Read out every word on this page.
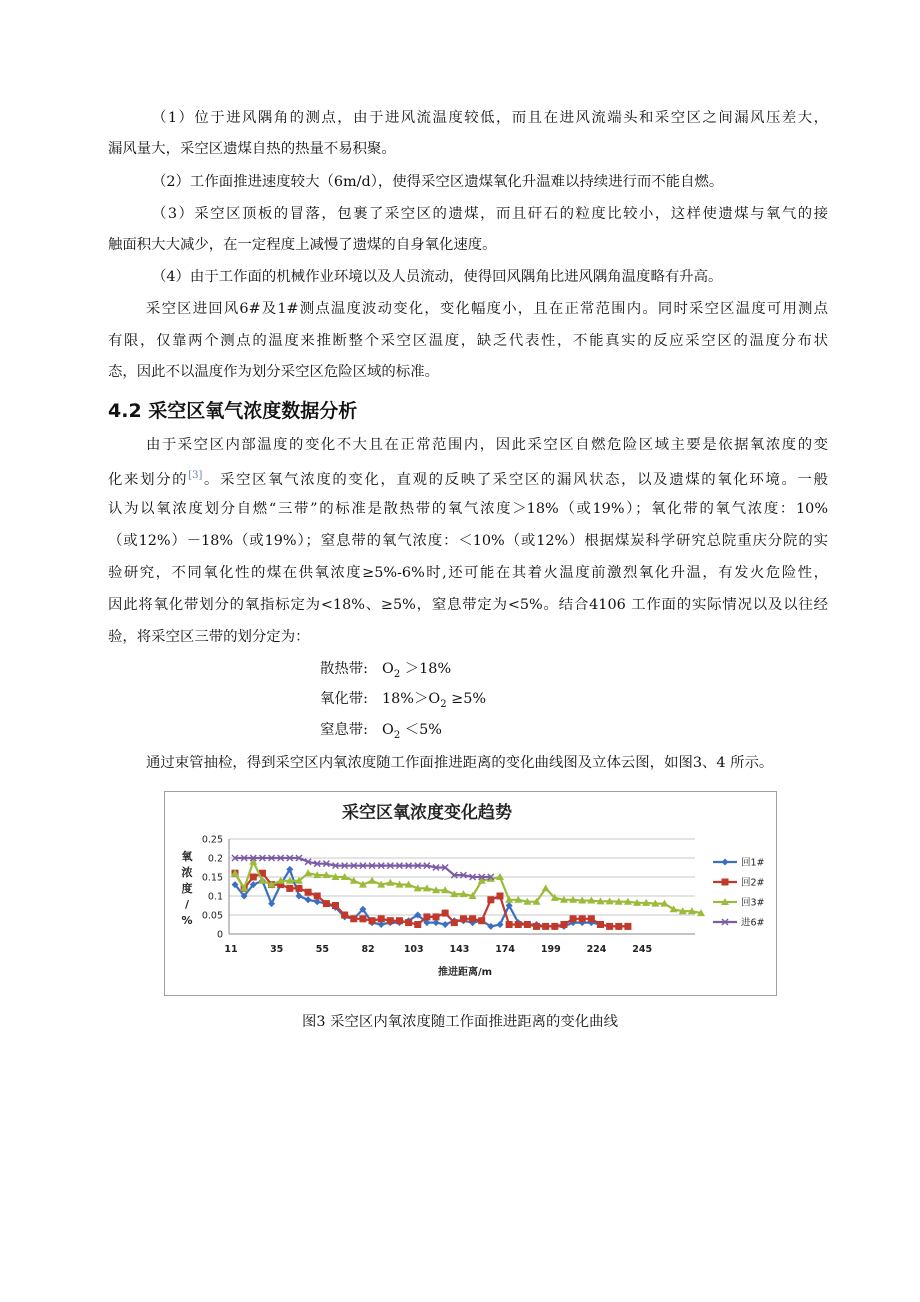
（1）位于进风隅角的测点，由于进风流温度较低，而且在进风流端头和采空区之间漏风压差大，

漏风量大，采空区遗煤自热的热量不易积聚。

（2）工作面推进速度较大（6m/d），使得采空区遗煤氧化升温难以持续进行而不能自燃。

（3）采空区顶板的冒落，包裹了采空区的遗煤，而且矸石的粒度比较小，这样使遗煤与氧气的接

触面积大大减少，在一定程度上减慢了遗煤的自身氧化速度。

（4）由于工作面的机械作业环境以及人员流动，使得回风隅角比进风隅角温度略有升高。

采空区进回风6#及1#测点温度波动变化，变化幅度小，且在正常范围内。同时采空区温度可用测点

有限，仅靠两个测点的温度来推断整个采空区温度，缺乏代表性，不能真实的反应采空区的温度分布状

态，因此不以温度作为划分采空区危险区域的标准。

4.2 采空区氧气浓度数据分析

由于采空区内部温度的变化不大且在正常范围内，因此采空区自燃危险区域主要是依据氧浓度的变

化来划分的[3]。采空区氧气浓度的变化，直观的反映了采空区的漏风状态，以及遗煤的氧化环境。一般

认为以氧浓度划分自燃“三带”的标准是散热带的氧气浓度＞18%（或19%）；氧化带的氧气浓度：10%

（或12%）－18%（或19%）；窒息带的氧气浓度：＜10%（或12%）根据煤炭科学研究总院重庆分院的实

验研究，不同氧化性的煤在供氧浓度≥5%-6%时,还可能在其着火温度前激烈氧化升温，有发火危险性，

因此将氧化带划分的氧指标定为<18%、≥5%，窒息带定为<5%。结合4106 工作面的实际情况以及以往经

验，将采空区三带的划分定为：

散热带: $O_2 >18\%$
氧化带: $18\%>O_2 \ge 5\%$
窒息带: $O_2 <5\%$

通过束管抽检，得到采空区内氧浓度随工作面推进距离的变化曲线图及立体云图，如图3、4 所示。

采空区氧浓度变化趋势
0
0.05
0.1
0.15
0.2
0.25
氧
浓
度
/
%
11	35	55	82	103	143	174	199	224	245
推进距离/m
回1#
回2#
回3#
进6#
图3 采空区内氧浓度随工作面推进距离的变化曲线
